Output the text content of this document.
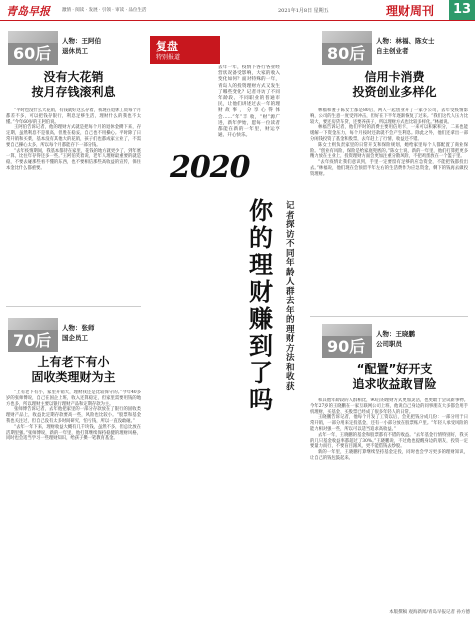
青岛早报	激情 · 阅读 · 发展 · 引领 · 审读 · 品位生活	2021年1月8日 星期五	理财周刊	13
60后
人物：王阿伯
退休员工
没有大花销
按月存钱滚利息

“平时也没什么大花销，有钱就好这么存着，我现在退休工资每个月都差不多，可以把钱存银行，利息足够生活，理财什么的我也不太懂。”今年60岁的王阿伯说。

王阿伯告诉记者，他的理财方式就是把每个月的退休金攒下来，存定期，虽然利息不是很高，但胜在稳妥，自己也不用操心。平时除了日常开销和买菜，基本没有其他大的花销，孩子们也都成家立业了，不需要自己操心太多，所以每个月都能存下一部分钱。

“去年疫情期间，我基本都待在家里，花钱的地方就更少了，到年底一算，比往年存得还多一些。”王阿伯笑着说，老年人理财最重要的就是稳，不要去碰那些看不懂的东西，也不要相信那些高收益的宣传，保住本金比什么都重要。

70后
人物：张师
国企员工
上有老下有小
固收类理财为主

“上有老下有小，家里开销大，理财我还是比较保守的。”今年40多岁的张师傅说，自己在国企上班，收入还算稳定，但家里需要用钱的地方也多，所以理财主要以银行理财产品和定期存款为主。

张师傅告诉记者，去年他把家里的一部分存款放在了银行的固收类理财产品上，收益比定期存款要高一些，风险也比较小。“股票和基金我也关注过，但自己没有太多时间研究，怕亏钱，所以一直没敢碰。”

“去年一年下来，理财收益大概有几千块钱，虽然不多，但总比放在活期里强。”张师傅说，新的一年里，他打算继续保持稳健的理财风格，同时也会适当学习一些理财知识，给孩子攒一笔教育基金。

复盘
特别报道
去年一年，疫情下各行各业经营状况备受影响，大家的收入变化如何？面对特殊的一年，青岛人的投资理财方式又发生了哪些变化？记者寻访了不同年龄段、不同职业的普通市民，让他们讲述过去一年的理财故事，分享心得体会……“年”丰 收，“财”源广进，新年伊始，愿每一位读者都能在新的一年里，财运亨通、开心快乐。
2020
你的理财赚到了吗
记者探访不同年龄人群去年的理财方法和收获
80后
人物：林福、陈女士
自主创业者
信用卡消费
投资创业多样化

林福和妻子陈女士都是80后，两人一起创业开了一家小公司，去年受疫情影响，公司的生意一度受到冲击，但好在下半年逐渐恢复了过来。“我们这代人压力比较大，要还房贷车贷，还要养孩子，所以理财方式也比较多样化。”林福说。

林福告诉记者，他们平时的消费主要用信用卡，一来可以积累积分，二来也能缓解一下资金压力，每个月按时还款就不会产生利息。除此之外，他们还拿出一部分闲钱投资了基金和股票，去年赶上了行情，收益还不错。

陈女士则负责家里的日常开支和保险规划，她给家里每个人都配置了商业保险。“创业有风险，保险是给家庭兜底的。”陈女士说，新的一年里，他们打算把更多精力放在主业上，投资理财方面会更加注重分散风险，不把鸡蛋放在一个篮子里。

“去年疫情让我们意识到，手里一定要留有足够的应急资金，不能把钱都投出去。”林福说，他们现在会预留半年左右的生活费作为应急资金，剩下的钱再去做投资理财。

90后
人物：王晓鹏
公司职员
“配置”好开支
追求收益敢冒险

和其他年龄段的人群相比，90后的理财方式更加灵活，也更敢于尝试新事物。今年27岁的王晓鹏在一家互联网公司上班，他说自己身边的同事朋友大多都会用手机理财，买基金、买股票已经成了很多年轻人的日常。

王晓鹏告诉记者，他每个月发了工资以后，会先把钱分成几份：一部分用于日常开销，一部分用来定投基金，还有一小部分放在股票账户里。“年轻人承受风险的能力相对强一些，所以可以适当追求高收益。”

去年一年，王晓鹏的基金和股票都有不错的收益。“去年基金行情特别好，我买的几只基金收益率都超过了30%。”王晓鹏说，不过他也提醒身边的朋友，投资一定要量力而行，不要盲目跟风，更不能借钱去炒股。

新的一年里，王晓鹏打算继续坚持基金定投，同时也会学习更多的理财知识，让自己的钱包鼓起来。

本版撰稿 观海新闻/青岛早报记者 孙方德
